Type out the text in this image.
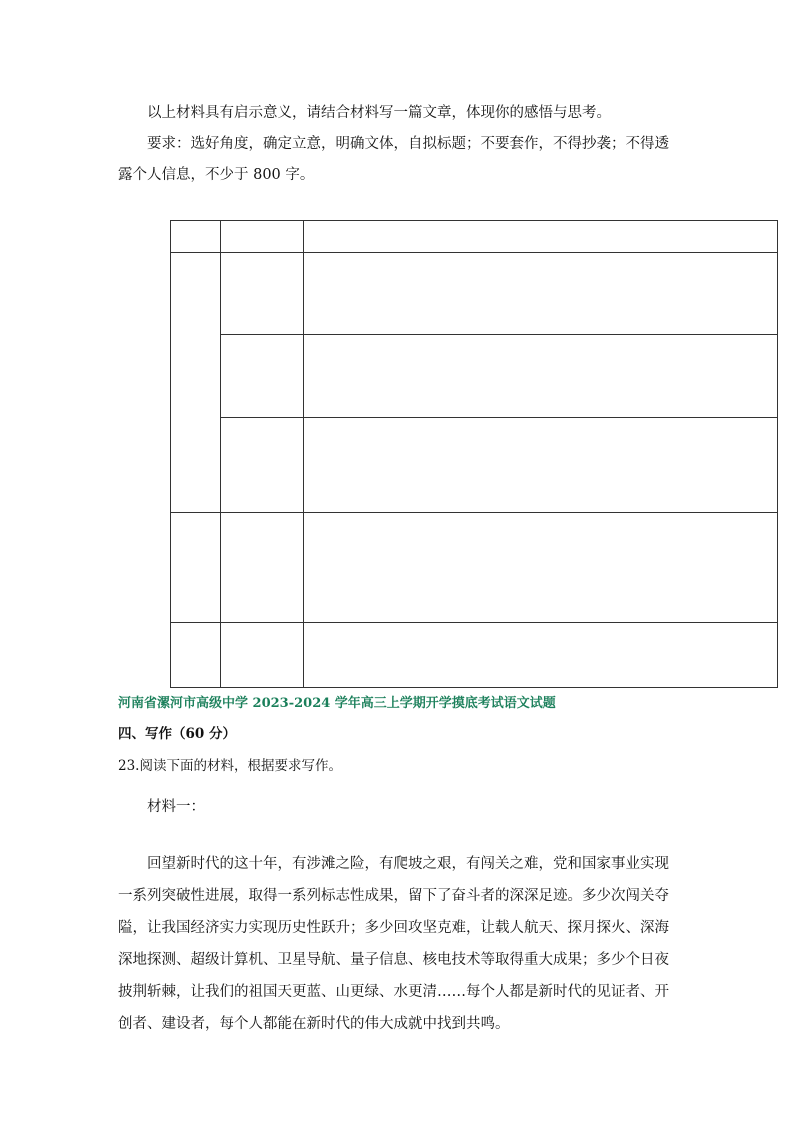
以上材料具有启示意义，请结合材料写一篇文章，体现你的感悟与思考。

要求：选好角度，确定立意，明确文体，自拟标题；不要套作，不得抄袭；不得透露个人信息，不少于 800 字。

河南省漯河市高级中学 2023-2024 学年高三上学期开学摸底考试语文试题
四、写作（60 分）
23.阅读下面的材料，根据要求写作。
材料一：

回望新时代的这十年，有涉滩之险，有爬坡之艰，有闯关之难，党和国家事业实现一系列突破性进展，取得一系列标志性成果，留下了奋斗者的深深足迹。多少次闯关夺隘，让我国经济实力实现历史性跃升；多少回攻坚克难，让载人航天、探月探火、深海深地探测、超级计算机、卫星导航、量子信息、核电技术等取得重大成果；多少个日夜披荆斩棘，让我们的祖国天更蓝、山更绿、水更清……每个人都是新时代的见证者、开创者、建设者，每个人都能在新时代的伟大成就中找到共鸣。
